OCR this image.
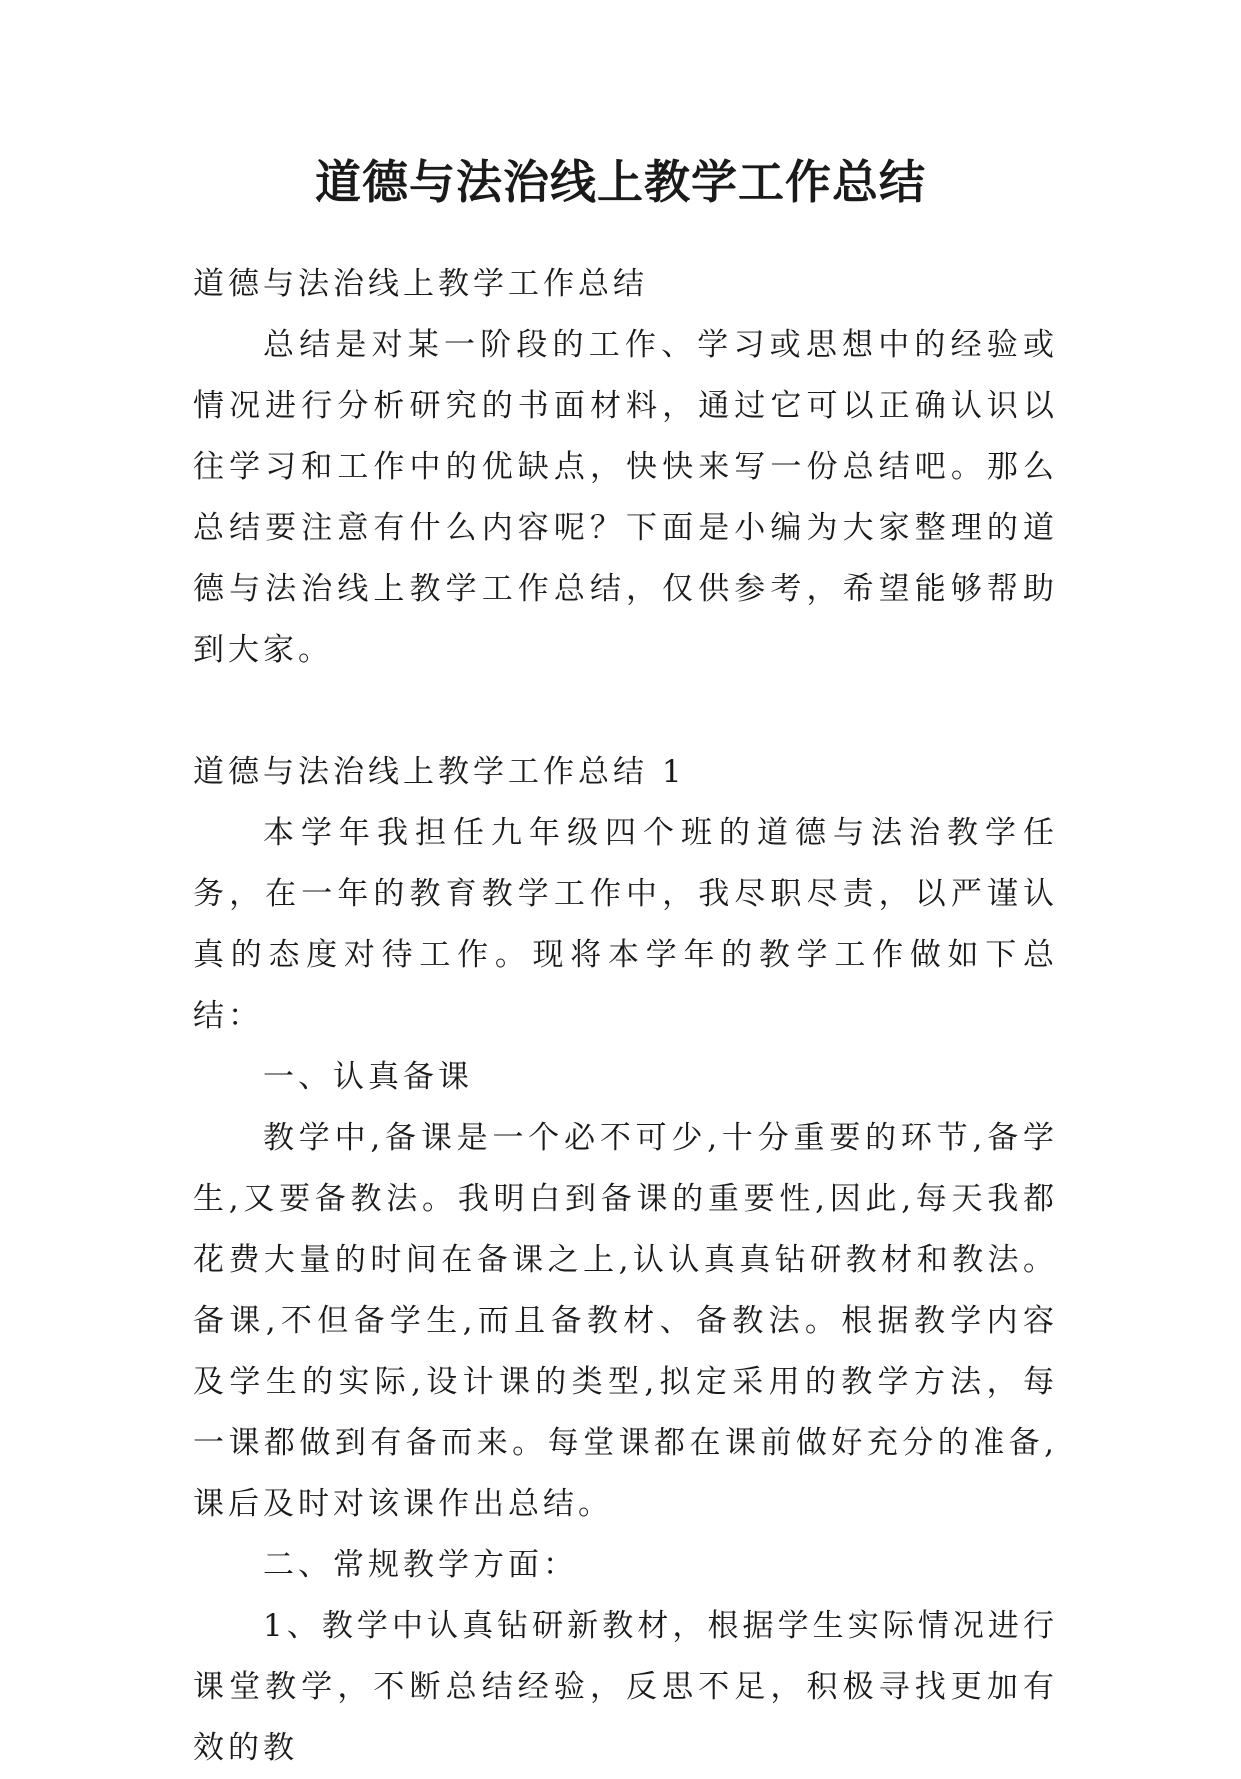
道德与法治线上教学工作总结

道德与法治线上教学工作总结

总结是对某一阶段的工作、学习或思想中的经验或情况进行分析研究的书面材料，通过它可以正确认识以往学习和工作中的优缺点，快快来写一份总结吧。那么总结要注意有什么内容呢？下面是小编为大家整理的道德与法治线上教学工作总结，仅供参考，希望能够帮助到大家。

道德与法治线上教学工作总结 1

本学年我担任九年级四个班的道德与法治教学任务，在一年的教育教学工作中，我尽职尽责，以严谨认真的态度对待工作。现将本学年的教学工作做如下总结：

一、认真备课

教学中,备课是一个必不可少,十分重要的环节,备学生,又要备教法。我明白到备课的重要性,因此,每天我都花费大量的时间在备课之上,认认真真钻研教材和教法。备课,不但备学生,而且备教材、备教法。根据教学内容及学生的实际,设计课的类型,拟定采用的教学方法，每一课都做到有备而来。每堂课都在课前做好充分的准备,课后及时对该课作出总结。

二、常规教学方面：

1、教学中认真钻研新教材，根据学生实际情况进行课堂教学，不断总结经验，反思不足，积极寻找更加有效的教
